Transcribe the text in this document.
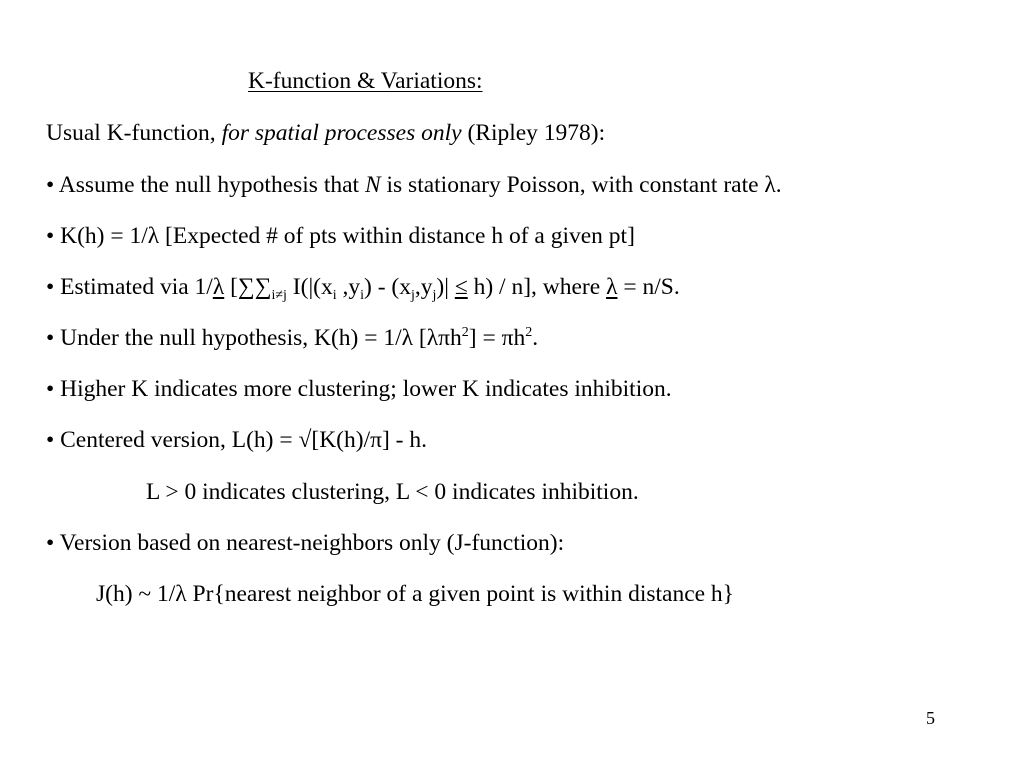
K-function & Variations:
Usual K-function, for spatial processes only (Ripley 1978):
• Assume the null hypothesis that N is stationary Poisson, with constant rate λ.
• K(h) = 1/λ [Expected # of pts within distance h of a given pt]
• Estimated via 1/λ [$\sum\sum_{i\ne j}$ $I(|(x_i$ $,y_i) - (x_j,y_j)| \le h) / n$], where λ = n/S.
• Under the null hypothesis, K(h) = 1/λ $[\lambda\pi h^2] = \pi h^2$.
• Higher K indicates more clustering; lower K indicates inhibition.
• Centered version, L(h) = √[K(h)/π] - h.
L > 0 indicates clustering, L < 0 indicates inhibition.
• Version based on nearest-neighbors only (J-function):
J(h) ~ 1/λ Pr{nearest neighbor of a given point is within distance h}
5
